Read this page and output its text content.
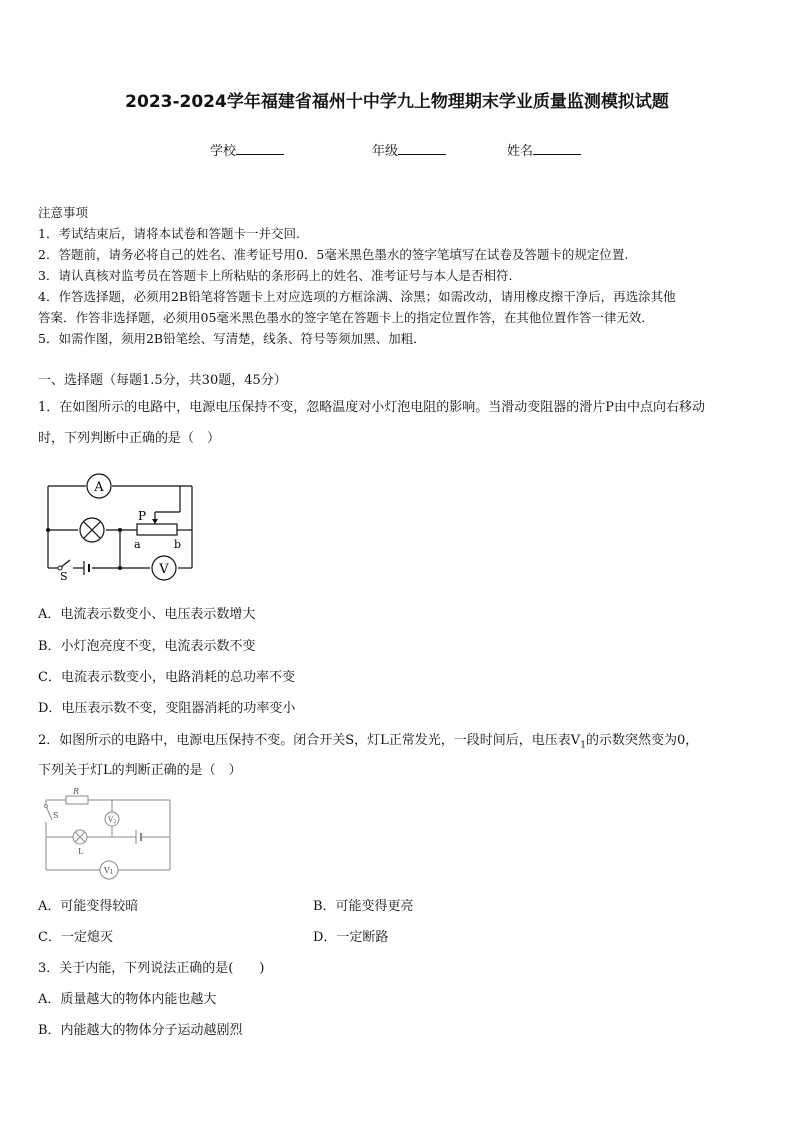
2023-2024学年福建省福州十中学九上物理期末学业质量监测模拟试题
学校	年级	姓名
注意事项
1．考试结束后，请将本试卷和答题卡一并交回.
2．答题前，请务必将自己的姓名、准考证号用0．5毫米黑色墨水的签字笔填写在试卷及答题卡的规定位置.
3．请认真核对监考员在答题卡上所粘贴的条形码上的姓名、准考证号与本人是否相符.
4．作答选择题，必须用2B铅笔将答题卡上对应选项的方框涂满、涂黑；如需改动，请用橡皮擦干净后，再选涂其他
答案．作答非选择题，必须用05毫米黑色墨水的签字笔在答题卡上的指定位置作答，在其他位置作答一律无效．
5．如需作图，须用2B铅笔绘、写清楚，线条、符号等须加黑、加粗．
一、选择题（每题1.5分，共30题，45分）
1．在如图所示的电路中，电源电压保持不变，忽略温度对小灯泡电阻的影响。当滑动变阻器的滑片P由中点向右移动
时，下列判断中正确的是（　）
A
V
P
a	b
S
A．电流表示数变小、电压表示数增大
B．小灯泡亮度不变，电流表示数不变
C．电流表示数变小，电路消耗的总功率不变
D．电压表示数不变，变阻器消耗的功率变小
2．如图所示的电路中，电源电压保持不变。闭合开关S，灯L正常发光，一段时间后，电压表$V_1$的示数突然变为0，
下列关于灯L的判断正确的是（　）
S
R
L
V2
V1
A．可能变得较暗	B．可能变得更亮
C．一定熄灭	D．一定断路
3．关于内能，下列说法正确的是(　　)
A．质量越大的物体内能也越大
B．内能越大的物体分子运动越剧烈
